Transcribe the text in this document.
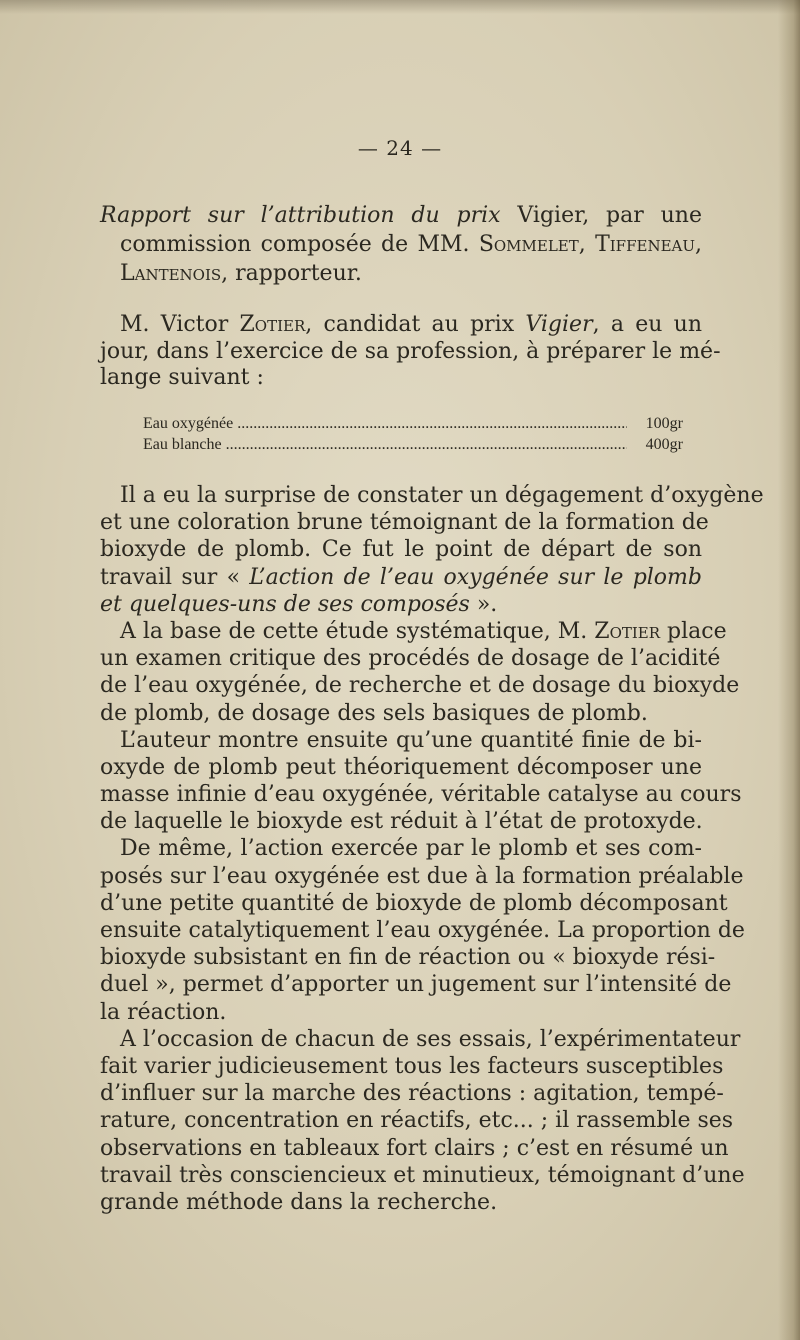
— 24 —
Rapport sur l’attribution du prix Vigier, par une
commission composée de MM. Sommelet, Tiffeneau,
Lantenois, rapporteur.
M. Victor Zotier, candidat au prix Vigier, a eu un
jour, dans l’exercice de sa profession, à préparer le mé-
lange suivant :
Eau oxygénée .....	100gr
Eau blanche .....	400gr
Il a eu la surprise de constater un dégagement d’oxygène
et une coloration brune témoignant de la formation de
bioxyde de plomb. Ce fut le point de départ de son
travail sur « L’action de l’eau oxygénée sur le plomb
et quelques-uns de ses composés ».
A la base de cette étude systématique, M. Zotier place
un examen critique des procédés de dosage de l’acidité
de l’eau oxygénée, de recherche et de dosage du bioxyde
de plomb, de dosage des sels basiques de plomb.
L’auteur montre ensuite qu’une quantité finie de bi-
oxyde de plomb peut théoriquement décomposer une
masse infinie d’eau oxygénée, véritable catalyse au cours
de laquelle le bioxyde est réduit à l’état de protoxyde.
De même, l’action exercée par le plomb et ses com-
posés sur l’eau oxygénée est due à la formation préalable
d’une petite quantité de bioxyde de plomb décomposant
ensuite catalytiquement l’eau oxygénée. La proportion de
bioxyde subsistant en fin de réaction ou « bioxyde rési-
duel », permet d’apporter un jugement sur l’intensité de
la réaction.
A l’occasion de chacun de ses essais, l’expérimentateur
fait varier judicieusement tous les facteurs susceptibles
d’influer sur la marche des réactions : agitation, tempé-
rature, concentration en réactifs, etc... ; il rassemble ses
observations en tableaux fort clairs ; c’est en résumé un
travail très consciencieux et minutieux, témoignant d’une
grande méthode dans la recherche.
